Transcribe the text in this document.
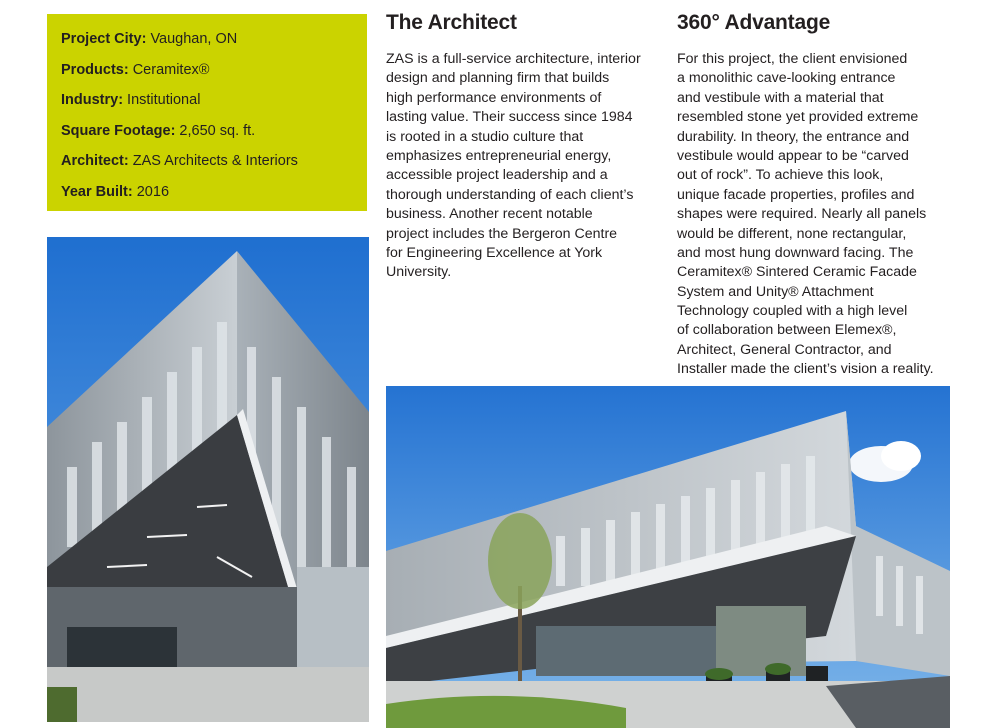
Project City: Vaughan, ON
Products: Ceramitex®
Industry: Institutional
Square Footage: 2,650 sq. ft.
Architect: ZAS Architects & Interiors
Year Built: 2016
The Architect
ZAS is a full-service architecture, interior
design and planning firm that builds
high performance environments of
lasting value. Their success since 1984
is rooted in a studio culture that
emphasizes entrepreneurial energy,
accessible project leadership and a
thorough understanding of each client’s
business. Another recent notable
project includes the Bergeron Centre
for Engineering Excellence at York
University.
360° Advantage
For this project, the client envisioned
a monolithic cave-looking entrance
and vestibule with a material that
resembled stone yet provided extreme
durability. In theory, the entrance and
vestibule would appear to be “carved
out of rock”. To achieve this look,
unique facade properties, profiles and
shapes were required. Nearly all panels
would be different, none rectangular,
and most hung downward facing. The
Ceramitex® Sintered Ceramic Facade
System and Unity® Attachment
Technology coupled with a high level
of collaboration between Elemex®,
Architect, General Contractor, and
Installer made the client’s vision a reality.
